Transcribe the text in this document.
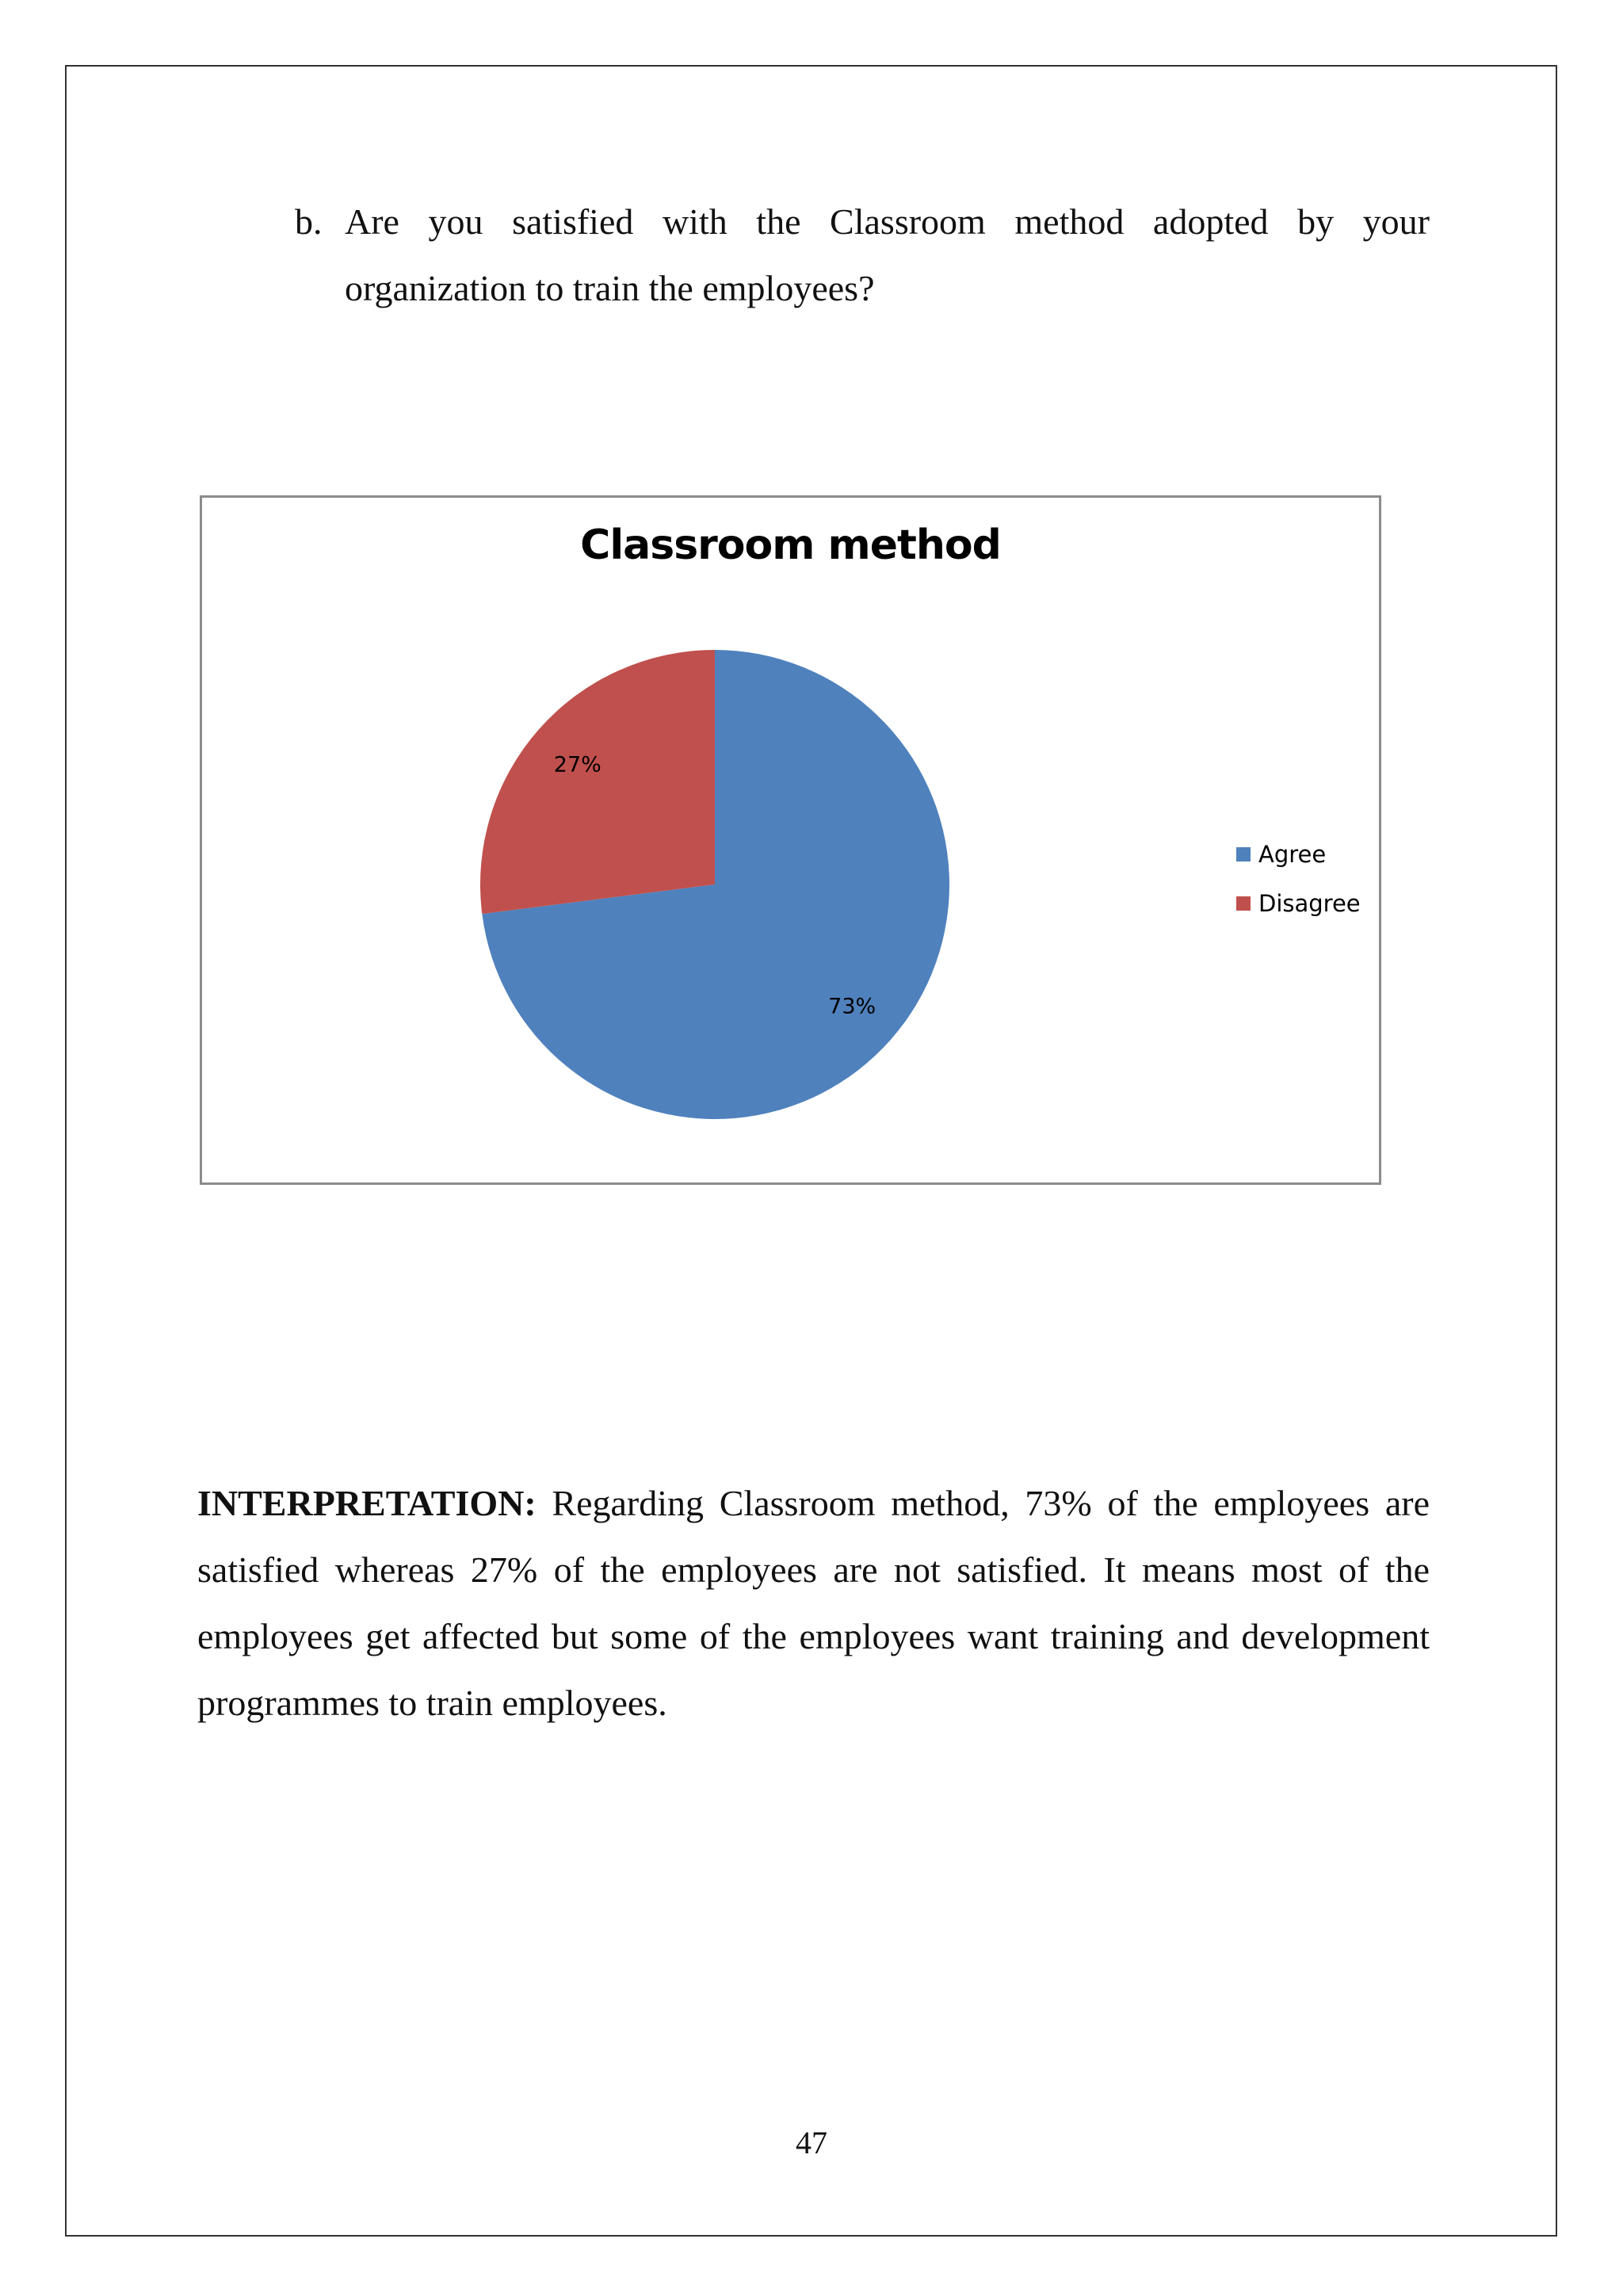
b. Are you satisfied with the Classroom method adopted by your organization to train the employees?
Classroom method
73%
27%
Agree
Disagree
INTERPRETATION: Regarding Classroom method, 73% of the employees are satisfied whereas 27% of the employees are not satisfied. It means most of the employees get affected but some of the employees want training and development programmes to train employees.
47
